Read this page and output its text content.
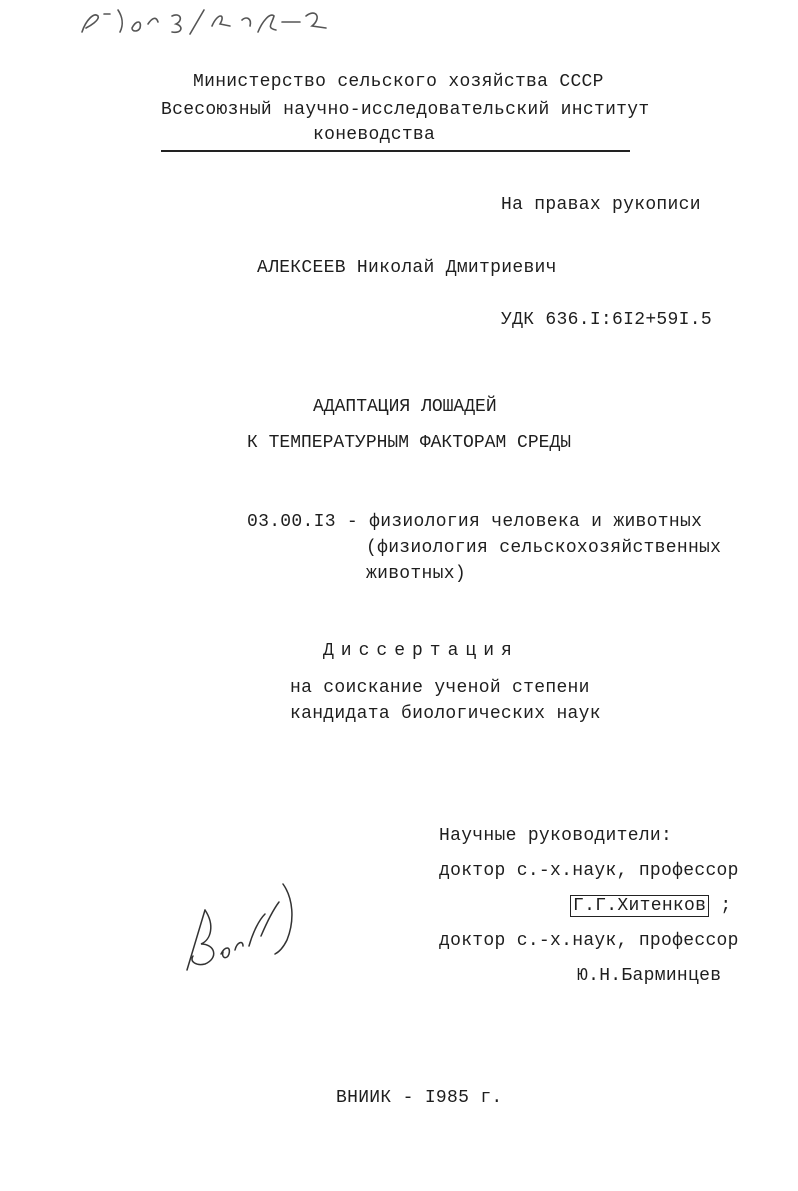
Министерство сельского хозяйства СССР
Всесоюзный научно-исследовательский институт
коневодства
На правах рукописи
АЛЕКСЕЕВ Николай Дмитриевич
УДК 636.I:6I2+59I.5
АДАПТАЦИЯ ЛОШАДЕЙ
К ТЕМПЕРАТУРНЫМ ФАКТОРАМ СРЕДЫ
03.00.I3 - физиология человека и животных
(физиология сельскохозяйственных
животных)
Диссертация
на соискание ученой степени
кандидата биологических наук
Научные руководители:
доктор с.-х.наук, профессор
Г.Г.Хитенков ;
доктор с.-х.наук, профессор
Ю.Н.Барминцев
ВНИИК - I985 г.
